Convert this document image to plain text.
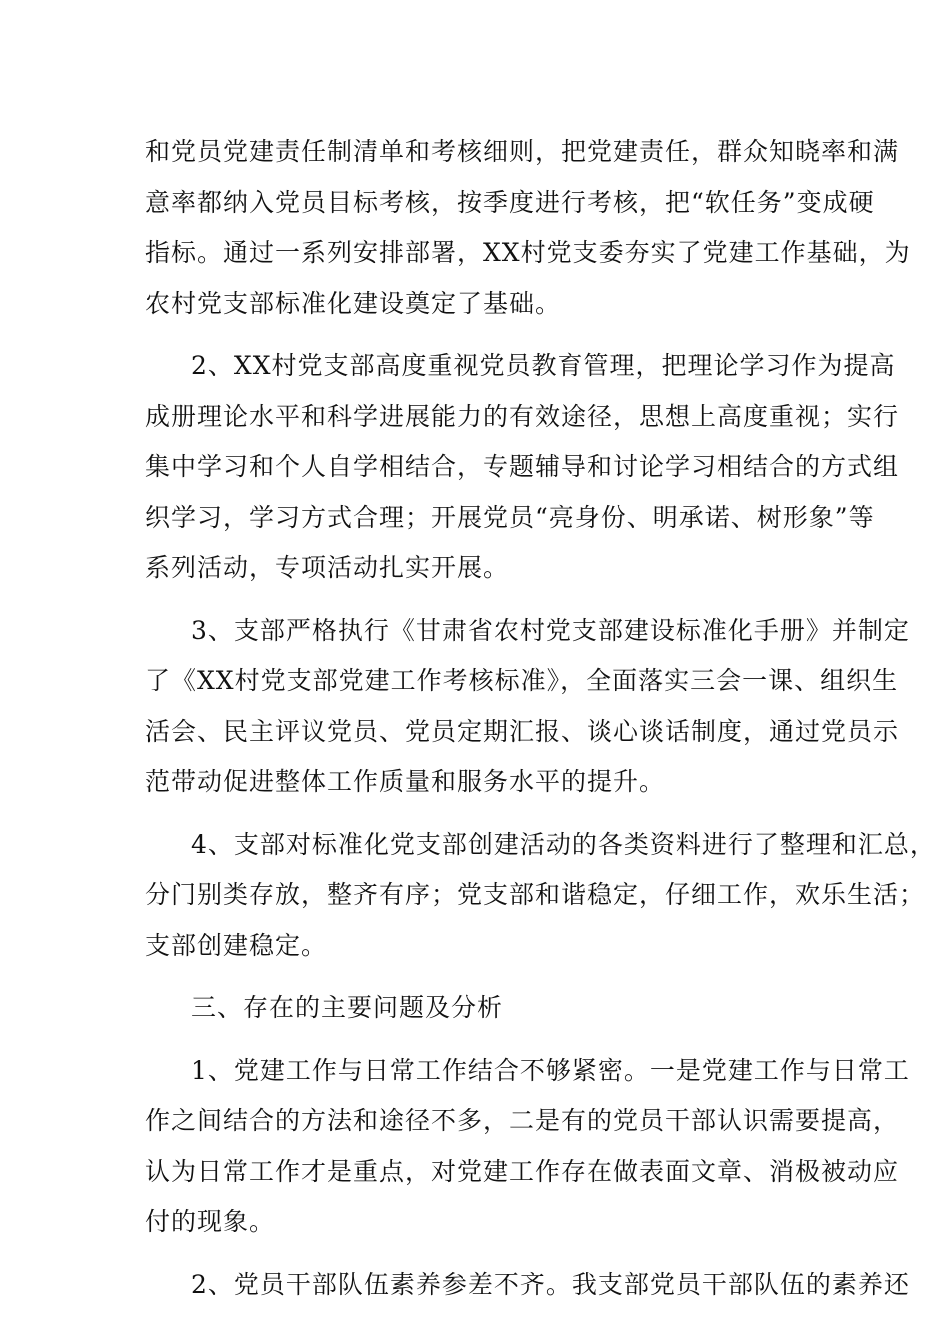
和党员党建责任制清单和考核细则，把党建责任，群众知晓率和满
意率都纳入党员目标考核，按季度进行考核，把“软任务”变成硬
指标。通过一系列安排部署，XX村党支委夯实了党建工作基础，为
农村党支部标准化建设奠定了基础。
2、XX村党支部高度重视党员教育管理，把理论学习作为提高
成册理论水平和科学进展能力的有效途径，思想上高度重视；实行
集中学习和个人自学相结合，专题辅导和讨论学习相结合的方式组
织学习，学习方式合理；开展党员“亮身份、明承诺、树形象”等
系列活动，专项活动扎实开展。
3、支部严格执行《甘肃省农村党支部建设标准化手册》并制定
了《XX村党支部党建工作考核标准》，全面落实三会一课、组织生
活会、民主评议党员、党员定期汇报、谈心谈话制度，通过党员示
范带动促进整体工作质量和服务水平的提升。
4、支部对标准化党支部创建活动的各类资料进行了整理和汇总，
分门别类存放，整齐有序；党支部和谐稳定，仔细工作，欢乐生活；
支部创建稳定。
三、存在的主要问题及分析
1、党建工作与日常工作结合不够紧密。一是党建工作与日常工
作之间结合的方法和途径不多，二是有的党员干部认识需要提高，
认为日常工作才是重点，对党建工作存在做表面文章、消极被动应
付的现象。
2、党员干部队伍素养参差不齐。我支部党员干部队伍的素养还
